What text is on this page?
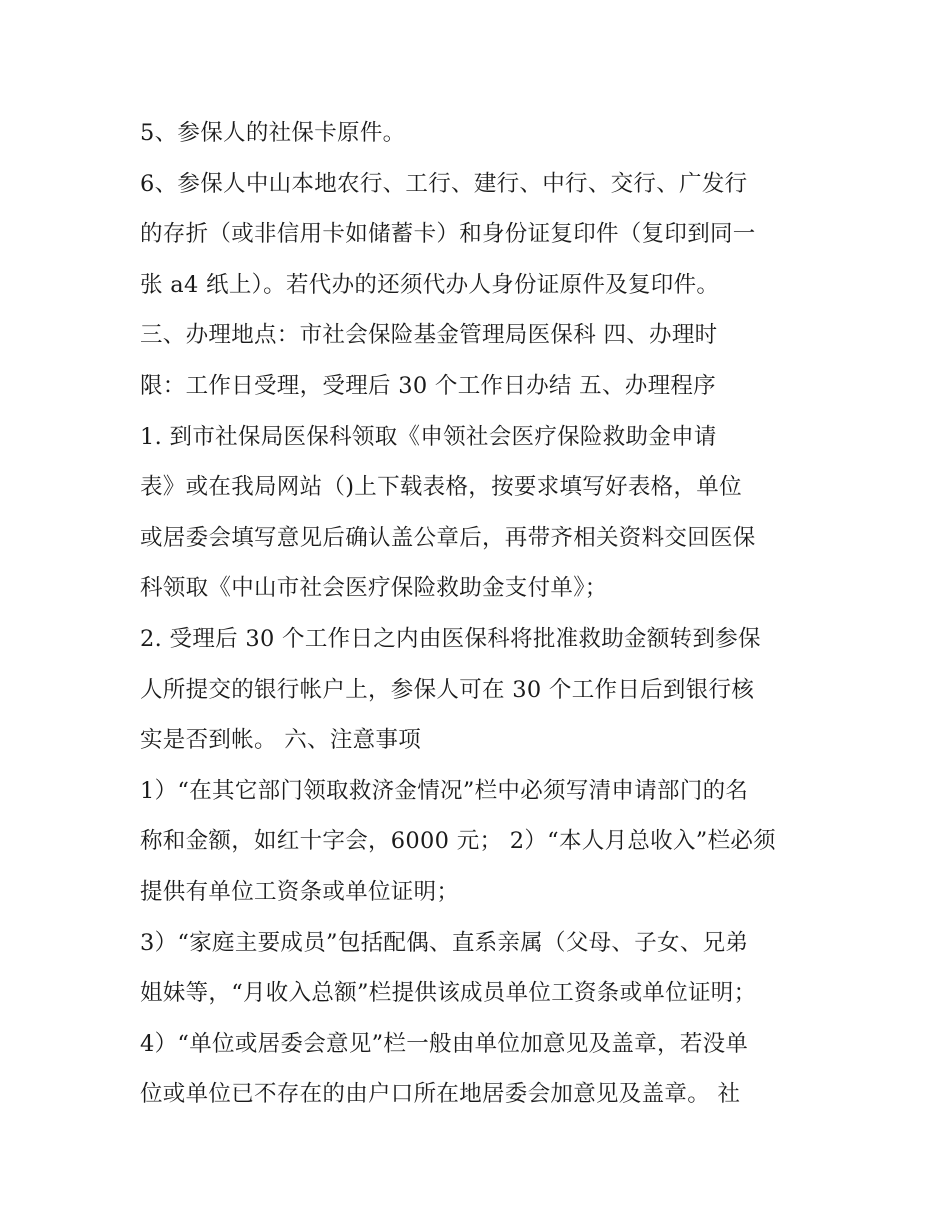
5、参保人的社保卡原件。
6、参保人中山本地农行、工行、建行、中行、交行、广发行
的存折（或非信用卡如储蓄卡）和身份证复印件（复印到同一
张 a4 纸上）。若代办的还须代办人身份证原件及复印件。
三、办理地点：市社会保险基金管理局医保科 四、办理时
限：工作日受理，受理后 30 个工作日办结 五、办理程序
1. 到市社保局医保科领取《申领社会医疗保险救助金申请
表》或在我局网站（)上下载表格，按要求填写好表格，单位
或居委会填写意见后确认盖公章后，再带齐相关资料交回医保
科领取《中山市社会医疗保险救助金支付单》；
2. 受理后 30 个工作日之内由医保科将批准救助金额转到参保
人所提交的银行帐户上，参保人可在 30 个工作日后到银行核
实是否到帐。 六、注意事项
1）“在其它部门领取救济金情况”栏中必须写清申请部门的名
称和金额，如红十字会，6000 元； 2）“本人月总收入”栏必须
提供有单位工资条或单位证明；
3）“家庭主要成员”包括配偶、直系亲属（父母、子女、兄弟
姐妹等，“月收入总额”栏提供该成员单位工资条或单位证明；
4）“单位或居委会意见”栏一般由单位加意见及盖章，若没单
位或单位已不存在的由户口所在地居委会加意见及盖章。 社
